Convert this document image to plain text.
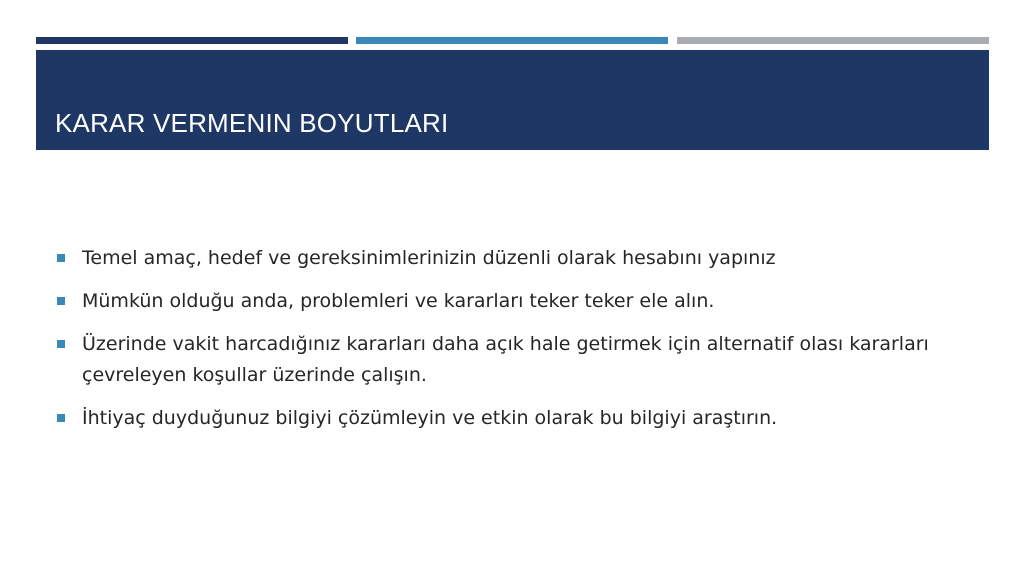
KARAR VERMENIN BOYUTLARI
Temel amaç, hedef ve gereksinimlerinizin düzenli olarak hesabını yapınız
Mümkün olduğu anda, problemleri ve kararları teker teker ele alın.
Üzerinde vakit harcadığınız kararları daha açık hale getirmek için alternatif olası kararları çevreleyen koşullar üzerinde çalışın.
İhtiyaç duyduğunuz bilgiyi çözümleyin ve etkin olarak bu bilgiyi araştırın.
